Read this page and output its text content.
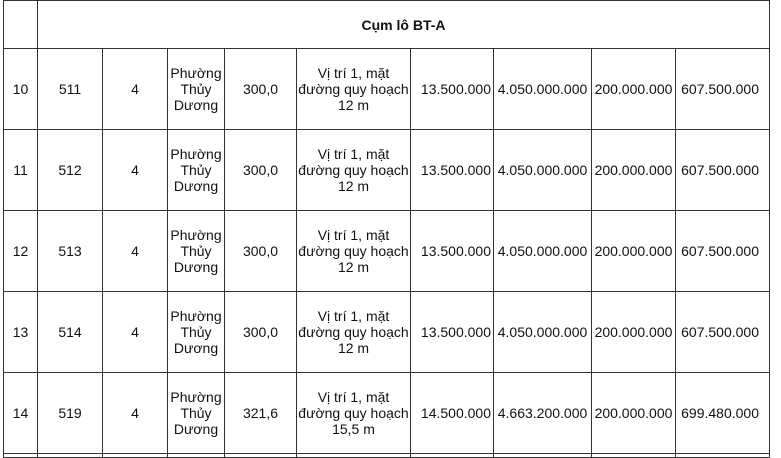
	Cụm lô BT-A								
10	511	4	Phường Thủy Dương	300,0	Vị trí 1, mặt đường quy hoạch 12 m	13.500.000	4.050.000.000	200.000.000	607.500.000
11	512	4	Phường Thủy Dương	300,0	Vị trí 1, mặt đường quy hoạch 12 m	13.500.000	4.050.000.000	200.000.000	607.500.000
12	513	4	Phường Thủy Dương	300,0	Vị trí 1, mặt đường quy hoạch 12 m	13.500.000	4.050.000.000	200.000.000	607.500.000
13	514	4	Phường Thủy Dương	300,0	Vị trí 1, mặt đường quy hoạch 12 m	13.500.000	4.050.000.000	200.000.000	607.500.000
14	519	4	Phường Thủy Dương	321,6	Vị trí 1, mặt đường quy hoạch 15,5 m	14.500.000	4.663.200.000	200.000.000	699.480.000
